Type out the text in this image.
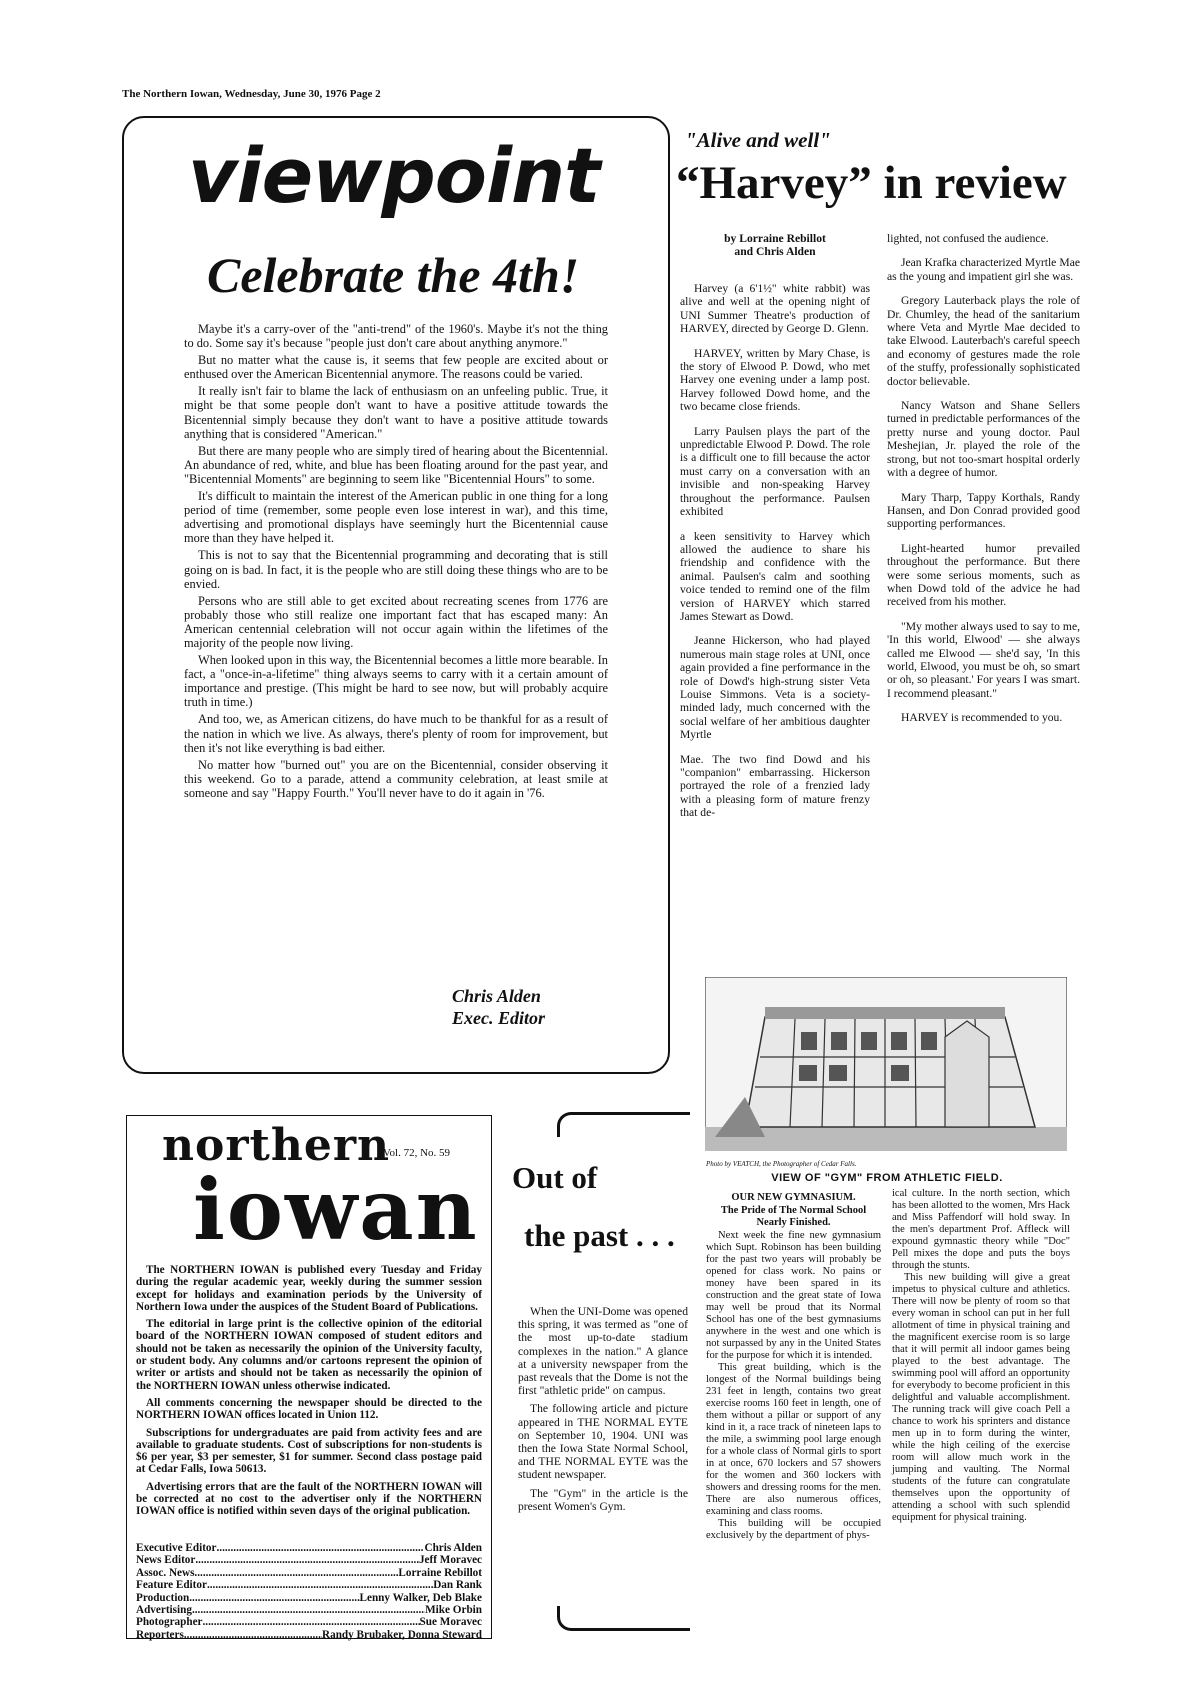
The Northern Iowan, Wednesday, June 30, 1976 Page 2
viewpoint
Celebrate the 4th!

Maybe it's a carry-over of the "anti-trend" of the 1960's. Maybe it's not the thing to do. Some say it's because "people just don't care about anything anymore."

But no matter what the cause is, it seems that few people are excited about or enthused over the American Bicentennial anymore. The reasons could be varied.

It really isn't fair to blame the lack of enthusiasm on an unfeeling public. True, it might be that some people don't want to have a positive attitude towards the Bicentennial simply because they don't want to have a positive attitude towards anything that is considered "American."

But there are many people who are simply tired of hearing about the Bicentennial. An abundance of red, white, and blue has been floating around for the past year, and "Bicentennial Moments" are beginning to seem like "Bicentennial Hours" to some.

It's difficult to maintain the interest of the American public in one thing for a long period of time (remember, some people even lose interest in war), and this time, advertising and promotional displays have seemingly hurt the Bicentennial cause more than they have helped it.

This is not to say that the Bicentennial programming and decorating that is still going on is bad. In fact, it is the people who are still doing these things who are to be envied.

Persons who are still able to get excited about recreating scenes from 1776 are probably those who still realize one important fact that has escaped many: An American centennial celebration will not occur again within the lifetimes of the majority of the people now living.

When looked upon in this way, the Bicentennial becomes a little more bearable. In fact, a "once-in-a-lifetime" thing always seems to carry with it a certain amount of importance and prestige. (This might be hard to see now, but will probably acquire truth in time.)

And too, we, as American citizens, do have much to be thankful for as a result of the nation in which we live. As always, there's plenty of room for improvement, but then it's not like everything is bad either.

No matter how "burned out" you are on the Bicentennial, consider observing it this weekend. Go to a parade, attend a community celebration, at least smile at someone and say "Happy Fourth." You'll never have to do it again in '76.

Chris Alden
Exec. Editor
"Alive and well"
“Harvey” in review
by Lorraine Rebillot
and Chris Alden

Harvey (a 6'1½" white rabbit) was alive and well at the opening night of UNI Summer Theatre's production of HARVEY, directed by George D. Glenn.

HARVEY, written by Mary Chase, is the story of Elwood P. Dowd, who met Harvey one evening under a lamp post. Harvey followed Dowd home, and the two became close friends.

Larry Paulsen plays the part of the unpredictable Elwood P. Dowd. The role is a difficult one to fill because the actor must carry on a conversation with an invisible and non-speaking Harvey throughout the performance. Paulsen exhibited

a keen sensitivity to Harvey which allowed the audience to share his friendship and confidence with the animal. Paulsen's calm and soothing voice tended to remind one of the film version of HARVEY which starred James Stewart as Dowd.

Jeanne Hickerson, who had played numerous main stage roles at UNI, once again provided a fine performance in the role of Dowd's high-strung sister Veta Louise Simmons. Veta is a society-minded lady, much concerned with the social welfare of her ambitious daughter Myrtle

Mae. The two find Dowd and his "companion" embarrassing. Hickerson portrayed the role of a frenzied lady with a pleasing form of mature frenzy that de-

lighted, not confused the audience.

Jean Krafka characterized Myrtle Mae as the young and impatient girl she was.

Gregory Lauterback plays the role of Dr. Chumley, the head of the sanitarium where Veta and Myrtle Mae decided to take Elwood. Lauterbach's careful speech and economy of gestures made the role of the stuffy, professionally sophisticated doctor believable.

Nancy Watson and Shane Sellers turned in predictable performances of the pretty nurse and young doctor. Paul Meshejian, Jr. played the role of the strong, but not too-smart hospital orderly with a degree of humor.

Mary Tharp, Tappy Korthals, Randy Hansen, and Don Conrad provided good supporting performances.

Light-hearted humor prevailed throughout the performance. But there were some serious moments, such as when Dowd told of the advice he had received from his mother.

"My mother always used to say to me, 'In this world, Elwood' — she always called me Elwood — she'd say, 'In this world, Elwood, you must be oh, so smart or oh, so pleasant.' For years I was smart. I recommend pleasant."

HARVEY is recommended to you.

Photo by VEATCH, the Photographer of Cedar Falls.
VIEW OF "GYM" FROM ATHLETIC FIELD.
OUR NEW GYMNASIUM.
The Pride of The Normal School
Nearly Finished.

Next week the fine new gymnasium which Supt. Robinson has been building for the past two years will probably be opened for class work. No pains or money have been spared in its construction and the great state of Iowa may well be proud that its Normal School has one of the best gymnasiums anywhere in the west and one which is not surpassed by any in the United States for the purpose for which it is intended.

This great building, which is the longest of the Normal buildings being 231 feet in length, contains two great exercise rooms 160 feet in length, one of them without a pillar or support of any kind in it, a race track of nineteen laps to the mile, a swimming pool large enough for a whole class of Normal girls to sport in at once, 670 lockers and 57 showers for the women and 360 lockers with showers and dressing rooms for the men. There are also numerous offices, examining and class rooms.

This building will be occupied exclusively by the department of phys-

ical culture. In the north section, which has been allotted to the women, Mrs Hack and Miss Paffendorf will hold sway. In the men's department Prof. Affleck will expound gymnastic theory while "Doc" Pell mixes the dope and puts the boys through the stunts.

This new building will give a great impetus to physical culture and athletics. There will now be plenty of room so that every woman in school can put in her full allotment of time in physical training and the magnificent exercise room is so large that it will permit all indoor games being played to the best advantage. The swimming pool will afford an opportunity for everybody to become proficient in this delightful and valuable accomplishment. The running track will give coach Pell a chance to work his sprinters and distance men up in to form during the winter, while the high ceiling of the exercise room will allow much work in the jumping and vaulting. The Normal students of the future can congratulate themselves upon the opportunity of attending a school with such splendid equipment for physical training.

northern
Vol. 72, No. 59
iowan

The NORTHERN IOWAN is published every Tuesday and Friday during the regular academic year, weekly during the summer session except for holidays and examination periods by the University of Northern Iowa under the auspices of the Student Board of Publications.

The editorial in large print is the collective opinion of the editorial board of the NORTHERN IOWAN composed of student editors and should not be taken as necessarily the opinion of the University faculty, or student body. Any columns and/or cartoons represent the opinion of writer or artists and should not be taken as necessarily the opinion of the NORTHERN IOWAN unless otherwise indicated.

All comments concerning the newspaper should be directed to the NORTHERN IOWAN offices located in Union 112.

Subscriptions for undergraduates are paid from activity fees and are available to graduate students. Cost of subscriptions for non-students is $6 per year, $3 per semester, $1 for summer. Second class postage paid at Cedar Falls, Iowa 50613.

Advertising errors that are the fault of the NORTHERN IOWAN will be corrected at no cost to the advertiser only if the NORTHERN IOWAN office is notified within seven days of the original publication.

Executive Editor .....	Chris Alden
News Editor .....	Jeff Moravec
Assoc. News .....	Lorraine Rebillot
Feature Editor .....	Dan Rank
Production .....	Lenny Walker, Deb Blake
Advertising .....	Mike Orbin
Photographer .....	Sue Moravec
Reporters .....	Randy Brubaker, Donna Steward
Out of
the past . . .

When the UNI-Dome was opened this spring, it was termed as "one of the most up-to-date stadium complexes in the nation." A glance at a university newspaper from the past reveals that the Dome is not the first "athletic pride" on campus.

The following article and picture appeared in THE NORMAL EYTE on September 10, 1904. UNI was then the Iowa State Normal School, and THE NORMAL EYTE was the student newspaper.

The "Gym" in the article is the present Women's Gym.
